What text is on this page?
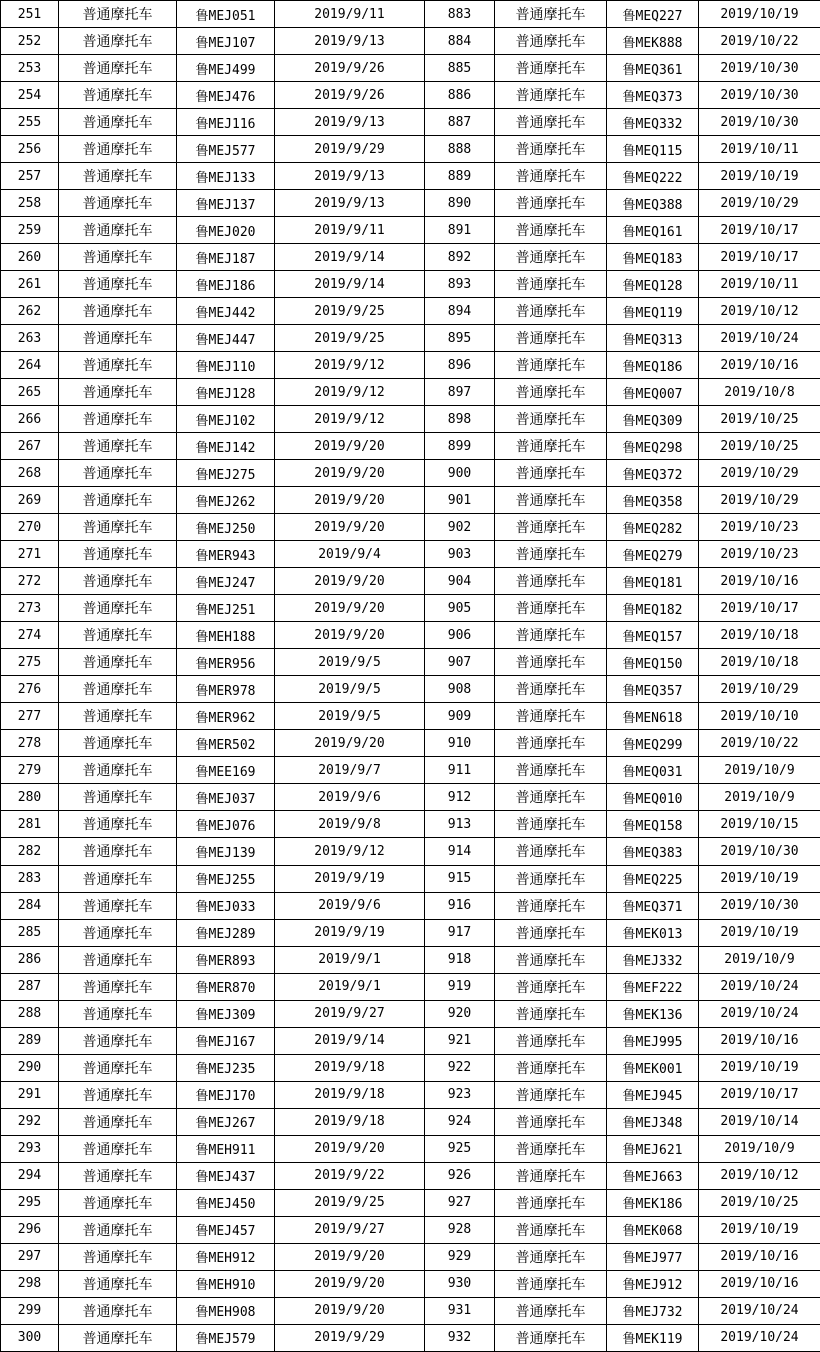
251	普通摩托车	鲁MEJ051	2019/9/11	883	普通摩托车	鲁MEQ227	2019/10/19
252	普通摩托车	鲁MEJ107	2019/9/13	884	普通摩托车	鲁MEK888	2019/10/22
253	普通摩托车	鲁MEJ499	2019/9/26	885	普通摩托车	鲁MEQ361	2019/10/30
254	普通摩托车	鲁MEJ476	2019/9/26	886	普通摩托车	鲁MEQ373	2019/10/30
255	普通摩托车	鲁MEJ116	2019/9/13	887	普通摩托车	鲁MEQ332	2019/10/30
256	普通摩托车	鲁MEJ577	2019/9/29	888	普通摩托车	鲁MEQ115	2019/10/11
257	普通摩托车	鲁MEJ133	2019/9/13	889	普通摩托车	鲁MEQ222	2019/10/19
258	普通摩托车	鲁MEJ137	2019/9/13	890	普通摩托车	鲁MEQ388	2019/10/29
259	普通摩托车	鲁MEJ020	2019/9/11	891	普通摩托车	鲁MEQ161	2019/10/17
260	普通摩托车	鲁MEJ187	2019/9/14	892	普通摩托车	鲁MEQ183	2019/10/17
261	普通摩托车	鲁MEJ186	2019/9/14	893	普通摩托车	鲁MEQ128	2019/10/11
262	普通摩托车	鲁MEJ442	2019/9/25	894	普通摩托车	鲁MEQ119	2019/10/12
263	普通摩托车	鲁MEJ447	2019/9/25	895	普通摩托车	鲁MEQ313	2019/10/24
264	普通摩托车	鲁MEJ110	2019/9/12	896	普通摩托车	鲁MEQ186	2019/10/16
265	普通摩托车	鲁MEJ128	2019/9/12	897	普通摩托车	鲁MEQ007	2019/10/8
266	普通摩托车	鲁MEJ102	2019/9/12	898	普通摩托车	鲁MEQ309	2019/10/25
267	普通摩托车	鲁MEJ142	2019/9/20	899	普通摩托车	鲁MEQ298	2019/10/25
268	普通摩托车	鲁MEJ275	2019/9/20	900	普通摩托车	鲁MEQ372	2019/10/29
269	普通摩托车	鲁MEJ262	2019/9/20	901	普通摩托车	鲁MEQ358	2019/10/29
270	普通摩托车	鲁MEJ250	2019/9/20	902	普通摩托车	鲁MEQ282	2019/10/23
271	普通摩托车	鲁MER943	2019/9/4	903	普通摩托车	鲁MEQ279	2019/10/23
272	普通摩托车	鲁MEJ247	2019/9/20	904	普通摩托车	鲁MEQ181	2019/10/16
273	普通摩托车	鲁MEJ251	2019/9/20	905	普通摩托车	鲁MEQ182	2019/10/17
274	普通摩托车	鲁MEH188	2019/9/20	906	普通摩托车	鲁MEQ157	2019/10/18
275	普通摩托车	鲁MER956	2019/9/5	907	普通摩托车	鲁MEQ150	2019/10/18
276	普通摩托车	鲁MER978	2019/9/5	908	普通摩托车	鲁MEQ357	2019/10/29
277	普通摩托车	鲁MER962	2019/9/5	909	普通摩托车	鲁MEN618	2019/10/10
278	普通摩托车	鲁MER502	2019/9/20	910	普通摩托车	鲁MEQ299	2019/10/22
279	普通摩托车	鲁MEE169	2019/9/7	911	普通摩托车	鲁MEQ031	2019/10/9
280	普通摩托车	鲁MEJ037	2019/9/6	912	普通摩托车	鲁MEQ010	2019/10/9
281	普通摩托车	鲁MEJ076	2019/9/8	913	普通摩托车	鲁MEQ158	2019/10/15
282	普通摩托车	鲁MEJ139	2019/9/12	914	普通摩托车	鲁MEQ383	2019/10/30
283	普通摩托车	鲁MEJ255	2019/9/19	915	普通摩托车	鲁MEQ225	2019/10/19
284	普通摩托车	鲁MEJ033	2019/9/6	916	普通摩托车	鲁MEQ371	2019/10/30
285	普通摩托车	鲁MEJ289	2019/9/19	917	普通摩托车	鲁MEK013	2019/10/19
286	普通摩托车	鲁MER893	2019/9/1	918	普通摩托车	鲁MEJ332	2019/10/9
287	普通摩托车	鲁MER870	2019/9/1	919	普通摩托车	鲁MEF222	2019/10/24
288	普通摩托车	鲁MEJ309	2019/9/27	920	普通摩托车	鲁MEK136	2019/10/24
289	普通摩托车	鲁MEJ167	2019/9/14	921	普通摩托车	鲁MEJ995	2019/10/16
290	普通摩托车	鲁MEJ235	2019/9/18	922	普通摩托车	鲁MEK001	2019/10/19
291	普通摩托车	鲁MEJ170	2019/9/18	923	普通摩托车	鲁MEJ945	2019/10/17
292	普通摩托车	鲁MEJ267	2019/9/18	924	普通摩托车	鲁MEJ348	2019/10/14
293	普通摩托车	鲁MEH911	2019/9/20	925	普通摩托车	鲁MEJ621	2019/10/9
294	普通摩托车	鲁MEJ437	2019/9/22	926	普通摩托车	鲁MEJ663	2019/10/12
295	普通摩托车	鲁MEJ450	2019/9/25	927	普通摩托车	鲁MEK186	2019/10/25
296	普通摩托车	鲁MEJ457	2019/9/27	928	普通摩托车	鲁MEK068	2019/10/19
297	普通摩托车	鲁MEH912	2019/9/20	929	普通摩托车	鲁MEJ977	2019/10/16
298	普通摩托车	鲁MEH910	2019/9/20	930	普通摩托车	鲁MEJ912	2019/10/16
299	普通摩托车	鲁MEH908	2019/9/20	931	普通摩托车	鲁MEJ732	2019/10/24
300	普通摩托车	鲁MEJ579	2019/9/29	932	普通摩托车	鲁MEK119	2019/10/24
